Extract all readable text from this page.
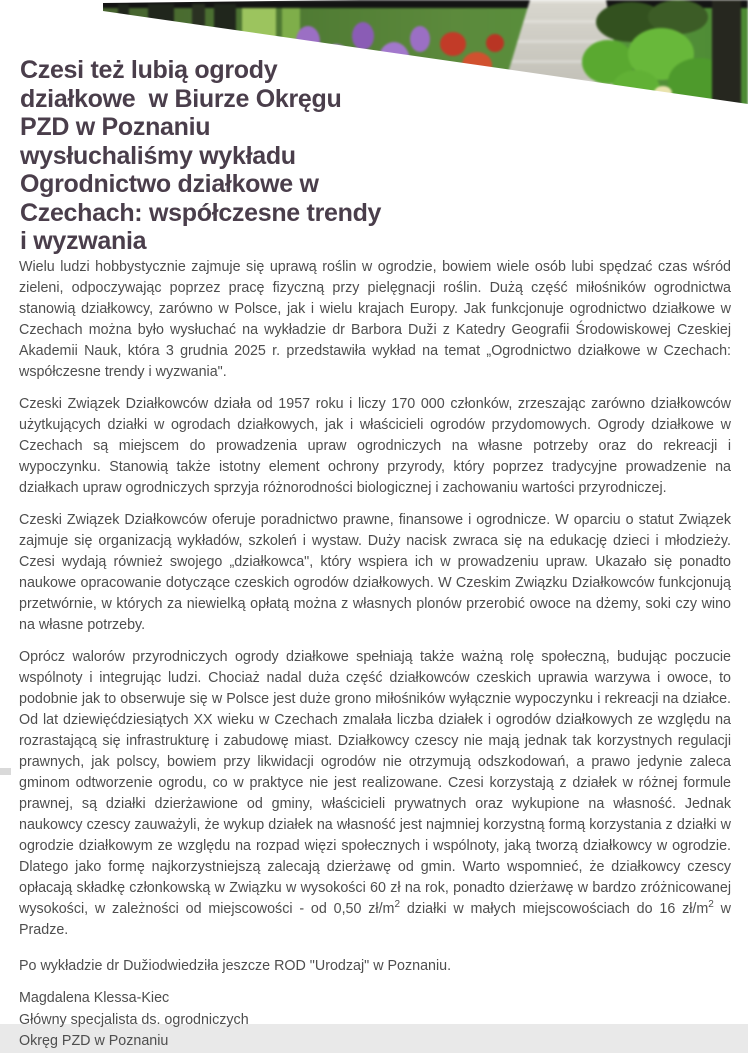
Czesi też lubią ogrody
działkowe  w Biurze Okręgu
PZD w Poznaniu
wysłuchaliśmy wykładu
Ogrodnictwo działkowe w
Czechach: współczesne trendy
i wyzwania

Wielu ludzi hobbystycznie zajmuje się uprawą roślin w ogrodzie, bowiem wiele osób lubi spędzać czas wśród zieleni, odpoczywając poprzez pracę fizyczną przy pielęgnacji roślin. Dużą część miłośników ogrodnictwa stanowią działkowcy, zarówno w Polsce, jak i wielu krajach Europy. Jak funkcjonuje ogrodnictwo działkowe w Czechach można było wysłuchać na wykładzie dr Barbora Duži z Katedry Geografii Środowiskowej Czeskiej Akademii Nauk, która 3 grudnia 2025 r. przedstawiła wykład na temat „Ogrodnictwo działkowe w Czechach: współczesne trendy i wyzwania".

Czeski Związek Działkowców działa od 1957 roku i liczy 170 000 członków, zrzeszając zarówno działkowców użytkujących działki w ogrodach działkowych, jak i właścicieli ogrodów przydomowych. Ogrody działkowe w Czechach są miejscem do prowadzenia upraw ogrodniczych na własne potrzeby oraz do rekreacji i wypoczynku. Stanowią także istotny element ochrony przyrody, który poprzez tradycyjne prowadzenie na działkach upraw ogrodniczych sprzyja różnorodności biologicznej i zachowaniu wartości przyrodniczej.

Czeski Związek Działkowców oferuje poradnictwo prawne, finansowe i ogrodnicze. W oparciu o statut Związek zajmuje się organizacją wykładów, szkoleń i wystaw. Duży nacisk zwraca się na edukację dzieci i młodzieży. Czesi wydają również swojego „działkowca", który wspiera ich w prowadzeniu upraw. Ukazało się ponadto naukowe opracowanie dotyczące czeskich ogrodów działkowych. W Czeskim Związku Działkowców funkcjonują przetwórnie, w których za niewielką opłatą można z własnych plonów przerobić owoce na dżemy, soki czy wino na własne potrzeby.

Oprócz walorów przyrodniczych ogrody działkowe spełniają także ważną rolę społeczną, budując poczucie wspólnoty i integrując ludzi. Chociaż nadal duża część działkowców czeskich uprawia warzywa i owoce, to podobnie jak to obserwuje się w Polsce jest duże grono miłośników wyłącznie wypoczynku i rekreacji na działce. Od lat dziewięćdziesiątych XX wieku w Czechach zmalała liczba działek i ogrodów działkowych ze względu na rozrastającą się infrastrukturę i zabudowę miast. Działkowcy czescy nie mają jednak tak korzystnych regulacji prawnych, jak polscy, bowiem przy likwidacji ogrodów nie otrzymują odszkodowań, a prawo jedynie zaleca gminom odtworzenie ogrodu, co w praktyce nie jest realizowane. Czesi korzystają z działek w różnej formule prawnej, są działki dzierżawione od gminy, właścicieli prywatnych oraz wykupione na własność. Jednak naukowcy czescy zauważyli, że wykup działek na własność jest najmniej korzystną formą korzystania z działki w ogrodzie działkowym ze względu na rozpad więzi społecznych i wspólnoty, jaką tworzą działkowcy w ogrodzie. Dlatego jako formę najkorzystniejszą zalecają dzierżawę od gmin. Warto wspomnieć, że działkowcy czescy opłacają składkę członkowską w Związku w wysokości 60 zł na rok, ponadto dzierżawę w bardzo zróżnicowanej wysokości, w zależności od miejscowości - od 0,50 $zł/m^2$ działki w małych miejscowościach do 16 $zł/m^2$ w Pradze.

Po wykładzie dr Dužiodwiedziła jeszcze ROD "Urodzaj" w Poznaniu.

Magdalena Klessa-Kiec

Główny specjalista ds. ogrodniczych

Okręg PZD w Poznaniu
